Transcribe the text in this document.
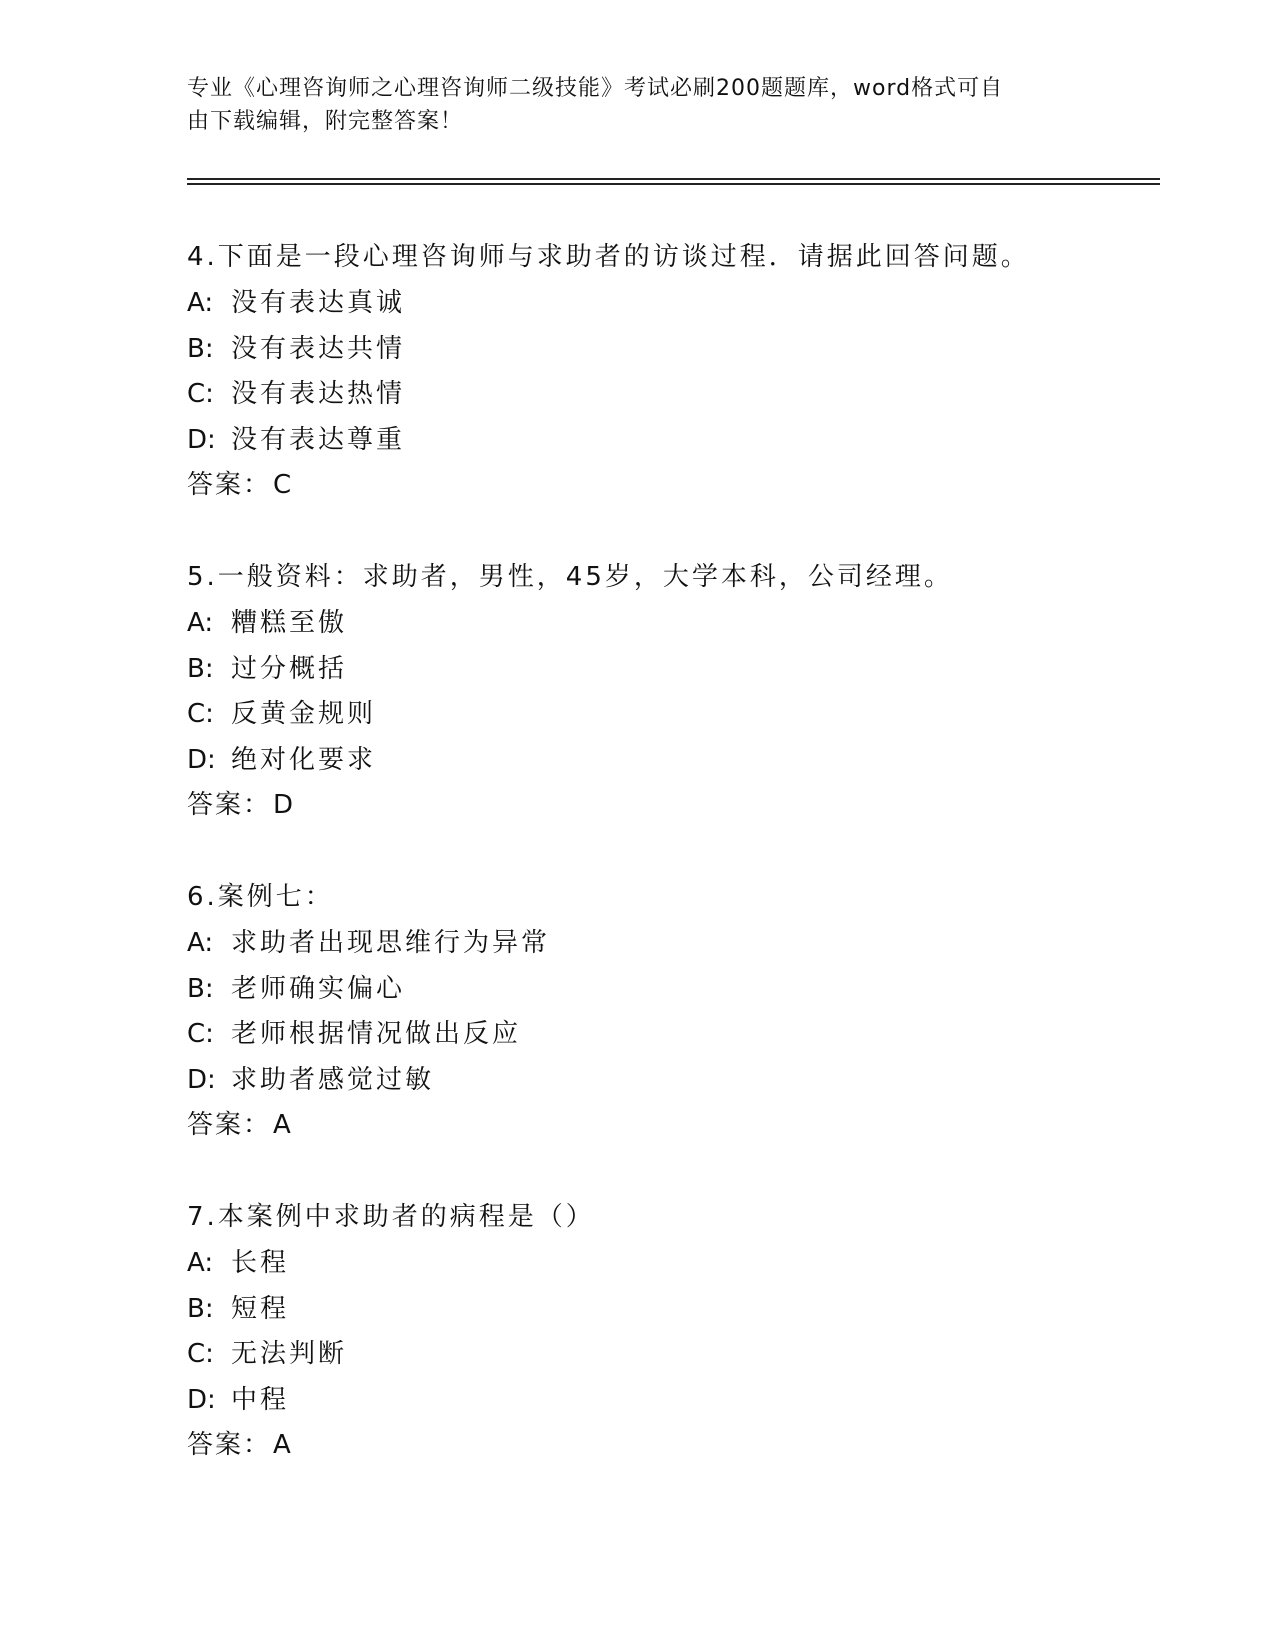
专业《心理咨询师之心理咨询师二级技能》考试必刷200题题库，word格式可自
由下载编辑，附完整答案！
4.下面是一段心理咨询师与求助者的访谈过程．请据此回答问题。
A: 没有表达真诚
B: 没有表达共情
C: 没有表达热情
D: 没有表达尊重
答案：C
5.一般资料：求助者，男性，45岁，大学本科，公司经理。
A: 糟糕至傲
B: 过分概括
C: 反黄金规则
D: 绝对化要求
答案：D
6.案例七：
A: 求助者出现思维行为异常
B: 老师确实偏心
C: 老师根据情况做出反应
D: 求助者感觉过敏
答案：A
7.本案例中求助者的病程是（）
A: 长程
B: 短程
C: 无法判断
D: 中程
答案：A
